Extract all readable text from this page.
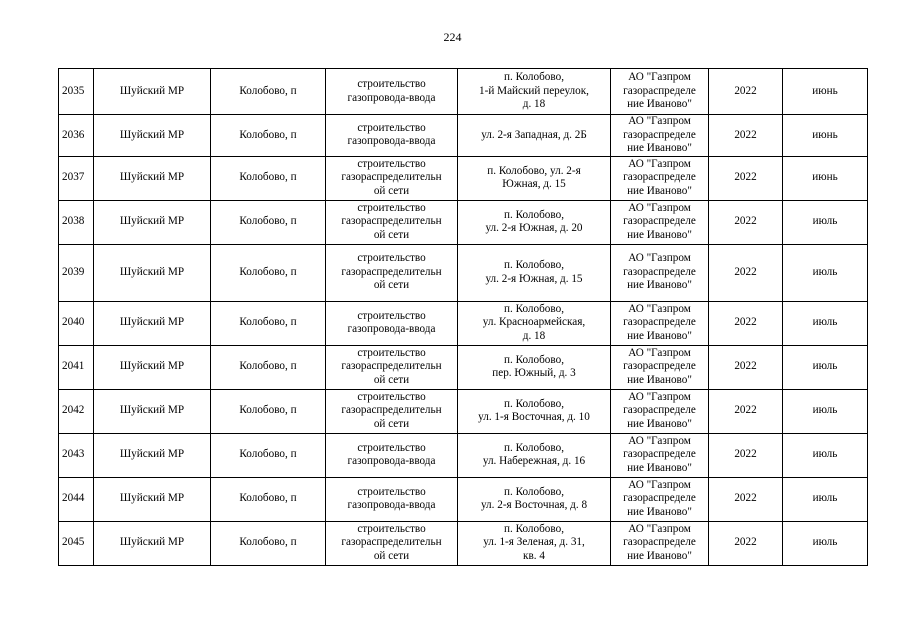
224
2035	Шуйский МР	Колобово, п	строительство
газопровода-ввода	п. Колобово,
1-й Майский переулок,
д. 18	АО "Газпром
газораспределе
ние Иваново"	2022	июнь
2036	Шуйский МР	Колобово, п	строительство
газопровода-ввода	ул. 2-я Западная, д. 2Б	АО "Газпром
газораспределе
ние Иваново"	2022	июнь
2037	Шуйский МР	Колобово, п	строительство
газораспределительн
ой сети	п. Колобово, ул. 2-я
Южная, д. 15	АО "Газпром
газораспределе
ние Иваново"	2022	июнь
2038	Шуйский МР	Колобово, п	строительство
газораспределительн
ой сети	п. Колобово,
ул. 2-я Южная, д. 20	АО "Газпром
газораспределе
ние Иваново"	2022	июль
2039	Шуйский МР	Колобово, п	строительство
газораспределительн
ой сети	п. Колобово,
ул. 2-я Южная, д. 15	АО "Газпром
газораспределе
ние Иваново"	2022	июль
2040	Шуйский МР	Колобово, п	строительство
газопровода-ввода	п. Колобово,
ул. Красноармейская,
д. 18	АО "Газпром
газораспределе
ние Иваново"	2022	июль
2041	Шуйский МР	Колобово, п	строительство
газораспределительн
ой сети	п. Колобово,
пер. Южный, д. 3	АО "Газпром
газораспределе
ние Иваново"	2022	июль
2042	Шуйский МР	Колобово, п	строительство
газораспределительн
ой сети	п. Колобово,
ул. 1-я Восточная, д. 10	АО "Газпром
газораспределе
ние Иваново"	2022	июль
2043	Шуйский МР	Колобово, п	строительство
газопровода-ввода	п. Колобово,
ул. Набережная, д. 16	АО "Газпром
газораспределе
ние Иваново"	2022	июль
2044	Шуйский МР	Колобово, п	строительство
газопровода-ввода	п. Колобово,
ул. 2-я Восточная, д. 8	АО "Газпром
газораспределе
ние Иваново"	2022	июль
2045	Шуйский МР	Колобово, п	строительство
газораспределительн
ой сети	п. Колобово,
ул. 1-я Зеленая, д. 31,
кв. 4	АО "Газпром
газораспределе
ние Иваново"	2022	июль
